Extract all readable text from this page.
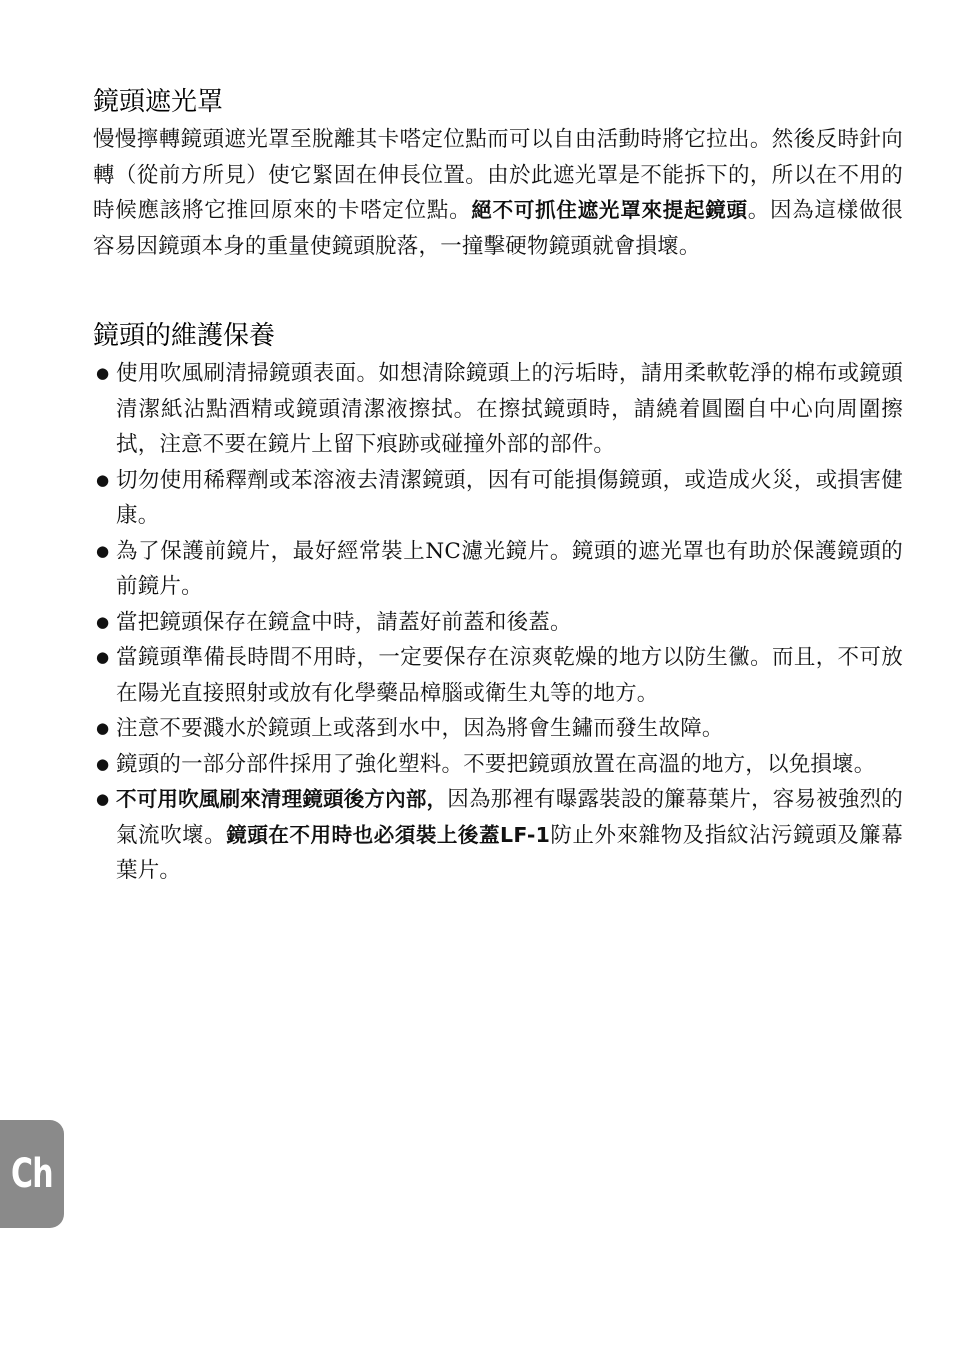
鏡頭遮光罩

慢慢擰轉鏡頭遮光罩至脫離其卡嗒定位點而可以自由活動時將它拉出。然後反時針向轉（從前方所見）使它緊固在伸長位置。由於此遮光罩是不能拆下的，所以在不用的時候應該將它推回原來的卡嗒定位點。絕不可抓住遮光罩來提起鏡頭。因為這樣做很容易因鏡頭本身的重量使鏡頭脫落，一撞擊硬物鏡頭就會損壞。

鏡頭的維護保養
● 使用吹風刷清掃鏡頭表面。如想清除鏡頭上的污垢時，請用柔軟乾淨的棉布或鏡頭清潔紙沾點酒精或鏡頭清潔液擦拭。在擦拭鏡頭時，請繞着圓圈自中心向周圍擦拭，注意不要在鏡片上留下痕跡或碰撞外部的部件。
● 切勿使用稀釋劑或苯溶液去清潔鏡頭，因有可能損傷鏡頭，或造成火災，或損害健康。
● 為了保護前鏡片，最好經常裝上NC濾光鏡片。鏡頭的遮光罩也有助於保護鏡頭的前鏡片。
● 當把鏡頭保存在鏡盒中時，請蓋好前蓋和後蓋。
● 當鏡頭準備長時間不用時，一定要保存在涼爽乾燥的地方以防生黴。而且，不可放在陽光直接照射或放有化學藥品樟腦或衛生丸等的地方。
● 注意不要濺水於鏡頭上或落到水中，因為將會生鏽而發生故障。
● 鏡頭的一部分部件採用了強化塑料。不要把鏡頭放置在高溫的地方，以免損壞。
● 不可用吹風刷來清理鏡頭後方內部，因為那裡有曝露裝設的簾幕葉片，容易被強烈的氣流吹壞。鏡頭在不用時也必須裝上後蓋LF-1防止外來雜物及指紋沾污鏡頭及簾幕葉片。
Ch
